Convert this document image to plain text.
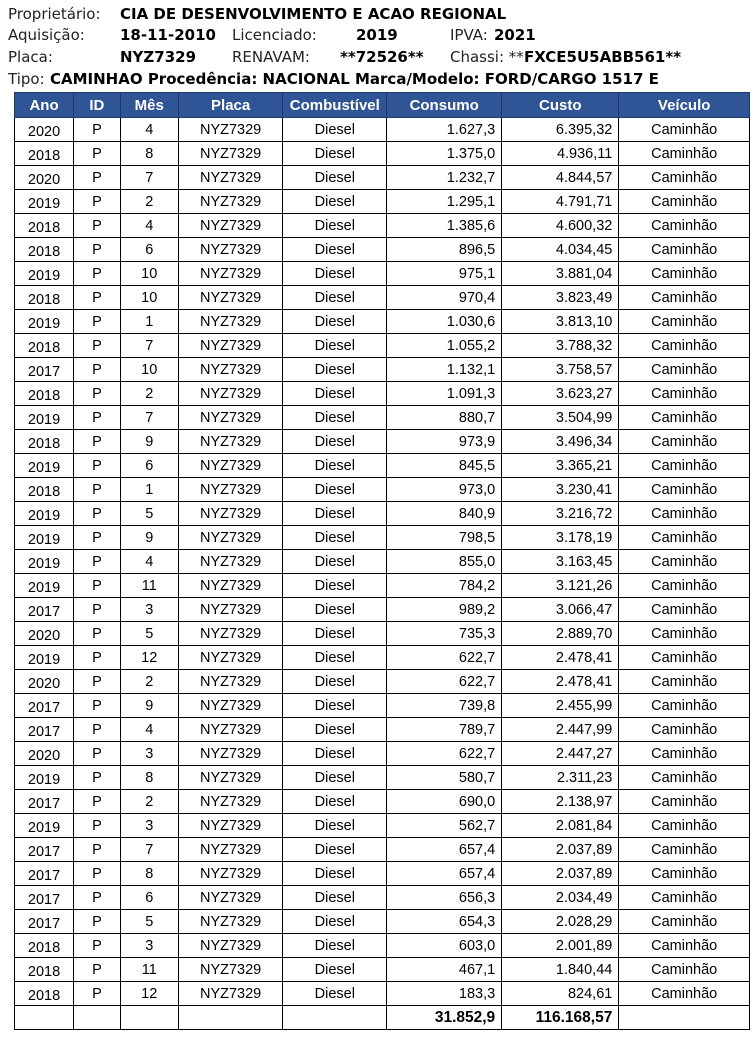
Proprietário: CIA DE DESENVOLVIMENTO E ACAO REGIONAL
Aquisição: 18-11-2010 Licenciado:	2019	IPVA: 2021
Placa:	NYZ7329 RENAVAM: **72526** Chassi: ** FXCE5U5ABB561**
Tipo: CAMINHAO Procedência: NACIONAL Marca/Modelo: FORD/CARGO 1517 E
Ano	ID	Mês	Placa	Combustível	Consumo	Custo	Veículo
2020	P	4	NYZ7329	Diesel	1.627,3	6.395,32	Caminhão
2018	P	8	NYZ7329	Diesel	1.375,0	4.936,11	Caminhão
2020	P	7	NYZ7329	Diesel	1.232,7	4.844,57	Caminhão
2019	P	2	NYZ7329	Diesel	1.295,1	4.791,71	Caminhão
2018	P	4	NYZ7329	Diesel	1.385,6	4.600,32	Caminhão
2018	P	6	NYZ7329	Diesel	896,5	4.034,45	Caminhão
2019	P	10	NYZ7329	Diesel	975,1	3.881,04	Caminhão
2018	P	10	NYZ7329	Diesel	970,4	3.823,49	Caminhão
2019	P	1	NYZ7329	Diesel	1.030,6	3.813,10	Caminhão
2018	P	7	NYZ7329	Diesel	1.055,2	3.788,32	Caminhão
2017	P	10	NYZ7329	Diesel	1.132,1	3.758,57	Caminhão
2018	P	2	NYZ7329	Diesel	1.091,3	3.623,27	Caminhão
2019	P	7	NYZ7329	Diesel	880,7	3.504,99	Caminhão
2018	P	9	NYZ7329	Diesel	973,9	3.496,34	Caminhão
2019	P	6	NYZ7329	Diesel	845,5	3.365,21	Caminhão
2018	P	1	NYZ7329	Diesel	973,0	3.230,41	Caminhão
2019	P	5	NYZ7329	Diesel	840,9	3.216,72	Caminhão
2019	P	9	NYZ7329	Diesel	798,5	3.178,19	Caminhão
2019	P	4	NYZ7329	Diesel	855,0	3.163,45	Caminhão
2019	P	11	NYZ7329	Diesel	784,2	3.121,26	Caminhão
2017	P	3	NYZ7329	Diesel	989,2	3.066,47	Caminhão
2020	P	5	NYZ7329	Diesel	735,3	2.889,70	Caminhão
2019	P	12	NYZ7329	Diesel	622,7	2.478,41	Caminhão
2020	P	2	NYZ7329	Diesel	622,7	2.478,41	Caminhão
2017	P	9	NYZ7329	Diesel	739,8	2.455,99	Caminhão
2017	P	4	NYZ7329	Diesel	789,7	2.447,99	Caminhão
2020	P	3	NYZ7329	Diesel	622,7	2.447,27	Caminhão
2019	P	8	NYZ7329	Diesel	580,7	2.311,23	Caminhão
2017	P	2	NYZ7329	Diesel	690,0	2.138,97	Caminhão
2019	P	3	NYZ7329	Diesel	562,7	2.081,84	Caminhão
2017	P	7	NYZ7329	Diesel	657,4	2.037,89	Caminhão
2017	P	8	NYZ7329	Diesel	657,4	2.037,89	Caminhão
2017	P	6	NYZ7329	Diesel	656,3	2.034,49	Caminhão
2017	P	5	NYZ7329	Diesel	654,3	2.028,29	Caminhão
2018	P	3	NYZ7329	Diesel	603,0	2.001,89	Caminhão
2018	P	11	NYZ7329	Diesel	467,1	1.840,44	Caminhão
2018	P	12	NYZ7329	Diesel	183,3	824,61	Caminhão
					31.852,9	116.168,57	
